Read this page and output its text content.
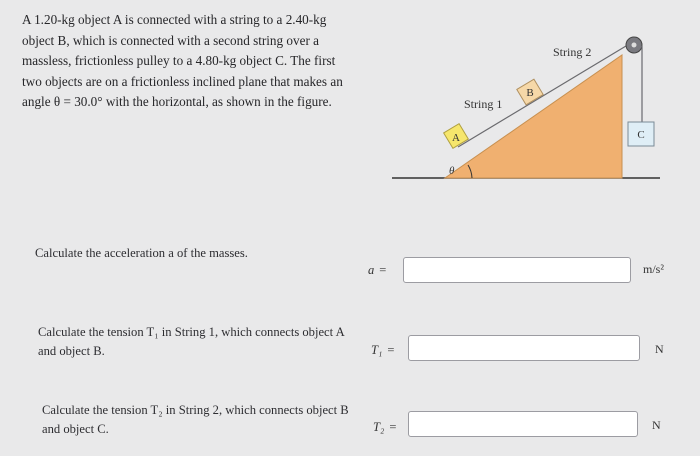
A 1.20-kg object A is connected with a string to a 2.40-kg
object B, which is connected with a second string over a
massless, frictionless pulley to a 4.80-kg object C. The first
two objects are on a frictionless inclined plane that makes an
angle θ = 30.0° with the horizontal, as shown in the figure.
A
B
C
String 1
String 2
θ
Calculate the acceleration a of the masses.
a =	m/s²
Calculate the tension T₁ in String 1, which connects object A
and object B.	T₁ =	N
Calculate the tension T₂ in String 2, which connects object B
and object C.	T₂ =	N
